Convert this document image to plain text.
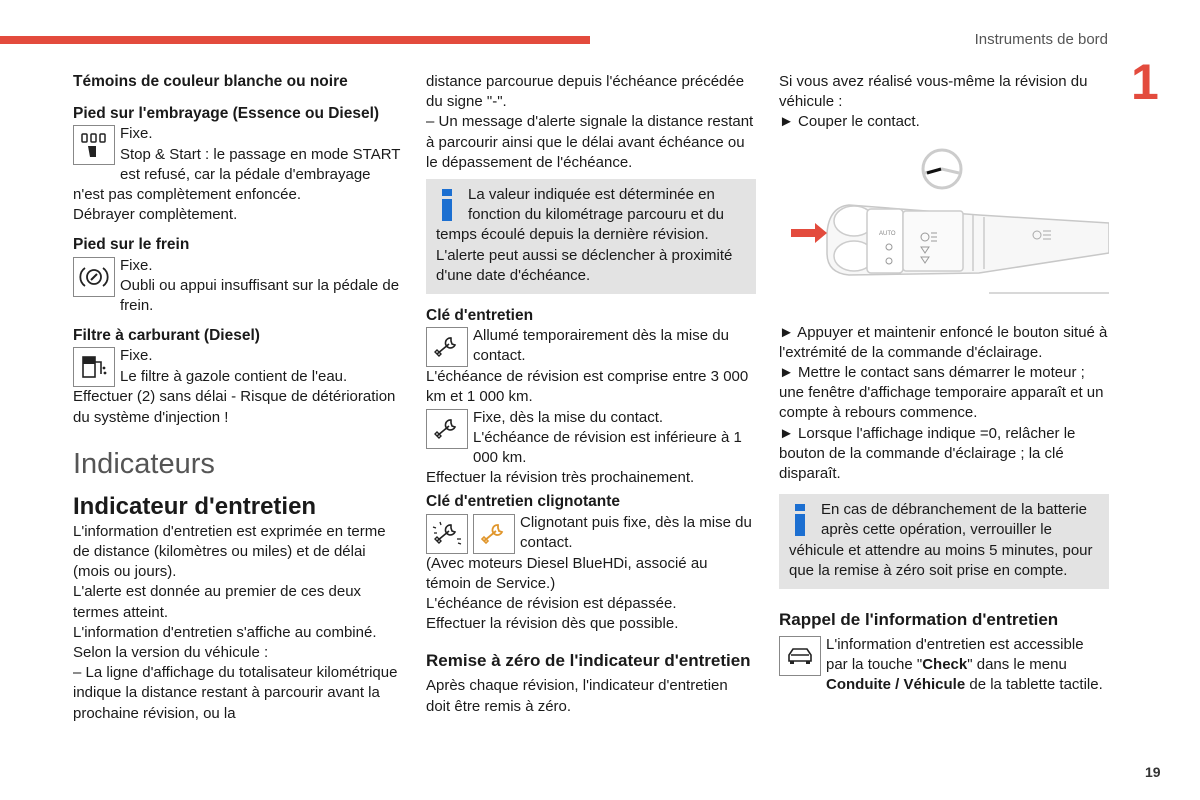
Instruments de bord
1
19
Témoins de couleur blanche ou noire
Pied sur l'embrayage (Essence ou Diesel)

Fixe.

Stop & Start : le passage en mode START est refusé, car la pédale d'embrayage n'est pas complètement enfoncée.

Débrayer complètement.

Pied sur le frein

Fixe.

Oubli ou appui insuffisant sur la pédale de frein.

Filtre à carburant (Diesel)

Fixe.

Le filtre à gazole contient de l'eau.

Effectuer (2) sans délai - Risque de détérioration du système d'injection !

Indicateurs
Indicateur d'entretien

L'information d'entretien est exprimée en terme de distance (kilomètres ou miles) et de délai (mois ou jours).

L'alerte est donnée au premier de ces deux termes atteint.

L'information d'entretien s'affiche au combiné. Selon la version du véhicule :

– La ligne d'affichage du totalisateur kilométrique indique la distance restant à parcourir avant la prochaine révision, ou la

distance parcourue depuis l'échéance précédée du signe "-".

– Un message d'alerte signale la distance restant à parcourir ainsi que le délai avant échéance ou le dépassement de l'échéance.

La valeur indiquée est déterminée en fonction du kilométrage parcouru et du temps écoulé depuis la dernière révision. L'alerte peut aussi se déclencher à proximité d'une date d'échéance.

Clé d'entretien

Allumé temporairement dès la mise du contact.

L'échéance de révision est comprise entre 3 000 km et 1 000 km.

Fixe, dès la mise du contact.

L'échéance de révision est inférieure à 1 000 km.

Effectuer la révision très prochainement.

Clé d'entretien clignotante

Clignotant puis fixe, dès la mise du contact.

(Avec moteurs Diesel BlueHDi, associé au témoin de Service.)

L'échéance de révision est dépassée.

Effectuer la révision dès que possible.

Remise à zéro de l'indicateur d'entretien

Après chaque révision, l'indicateur d'entretien doit être remis à zéro.

Si vous avez réalisé vous-même la révision du véhicule :

► Couper le contact.

AUTO

► Appuyer et maintenir enfoncé le bouton situé à l'extrémité de la commande d'éclairage.

► Mettre le contact sans démarrer le moteur ; une fenêtre d'affichage temporaire apparaît et un compte à rebours commence.

► Lorsque l'affichage indique =0, relâcher le bouton de la commande d'éclairage ; la clé disparaît.

En cas de débranchement de la batterie après cette opération, verrouiller le véhicule et attendre au moins 5 minutes, pour que la remise à zéro soit prise en compte.

Rappel de l'information d'entretien

L'information d'entretien est accessible par la touche "Check" dans le menu Conduite / Véhicule de la tablette tactile.
